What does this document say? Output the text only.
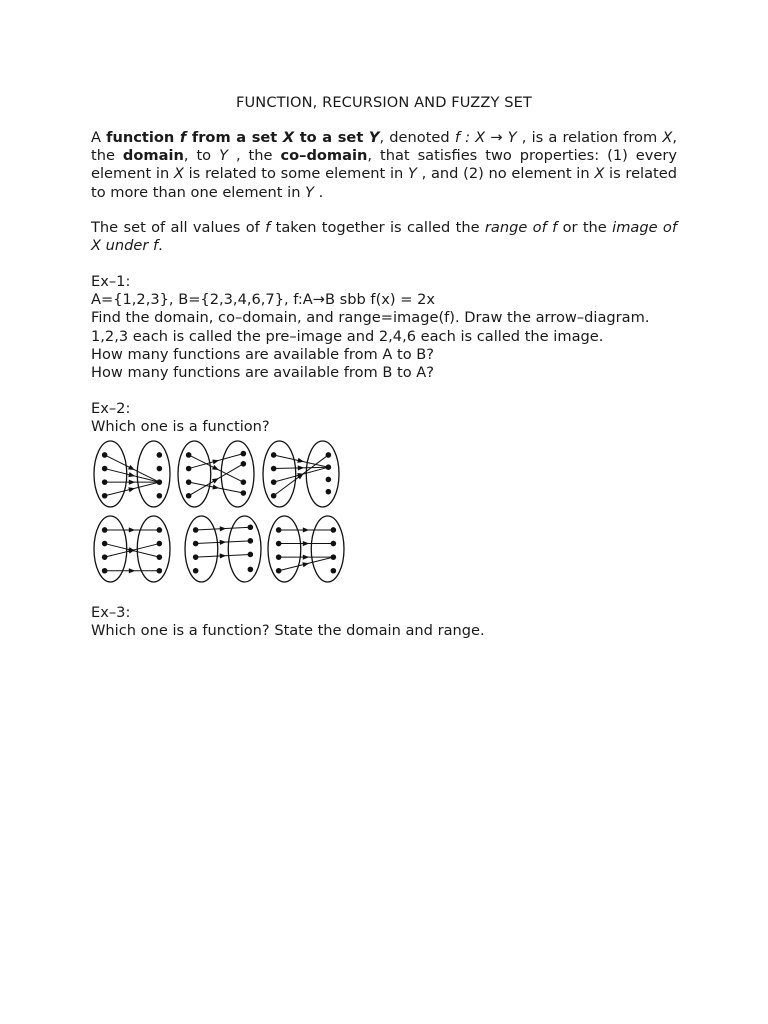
FUNCTION, RECURSION AND FUZZY SET
A function f from a set X to a set Y, denoted f : X → Y , is a relation from X, the domain, to Y , the co–domain, that satisfies two properties: (1) every element in X is related to some element in Y , and (2) no element in X is related to more than one element in Y .
The set of all values of f taken together is called the range of f or the image of X under f.
Ex–1:
A={1,2,3}, B={2,3,4,6,7}, f:A→B sbb f(x) = 2x
Find the domain, co–domain, and range=image(f). Draw the arrow–diagram.
1,2,3 each is called the pre–image and 2,4,6 each is called the image.
How many functions are available from A to B?
How many functions are available from B to A?
Ex–2:
Which one is a function?
Ex–3:
Which one is a function? State the domain and range.
